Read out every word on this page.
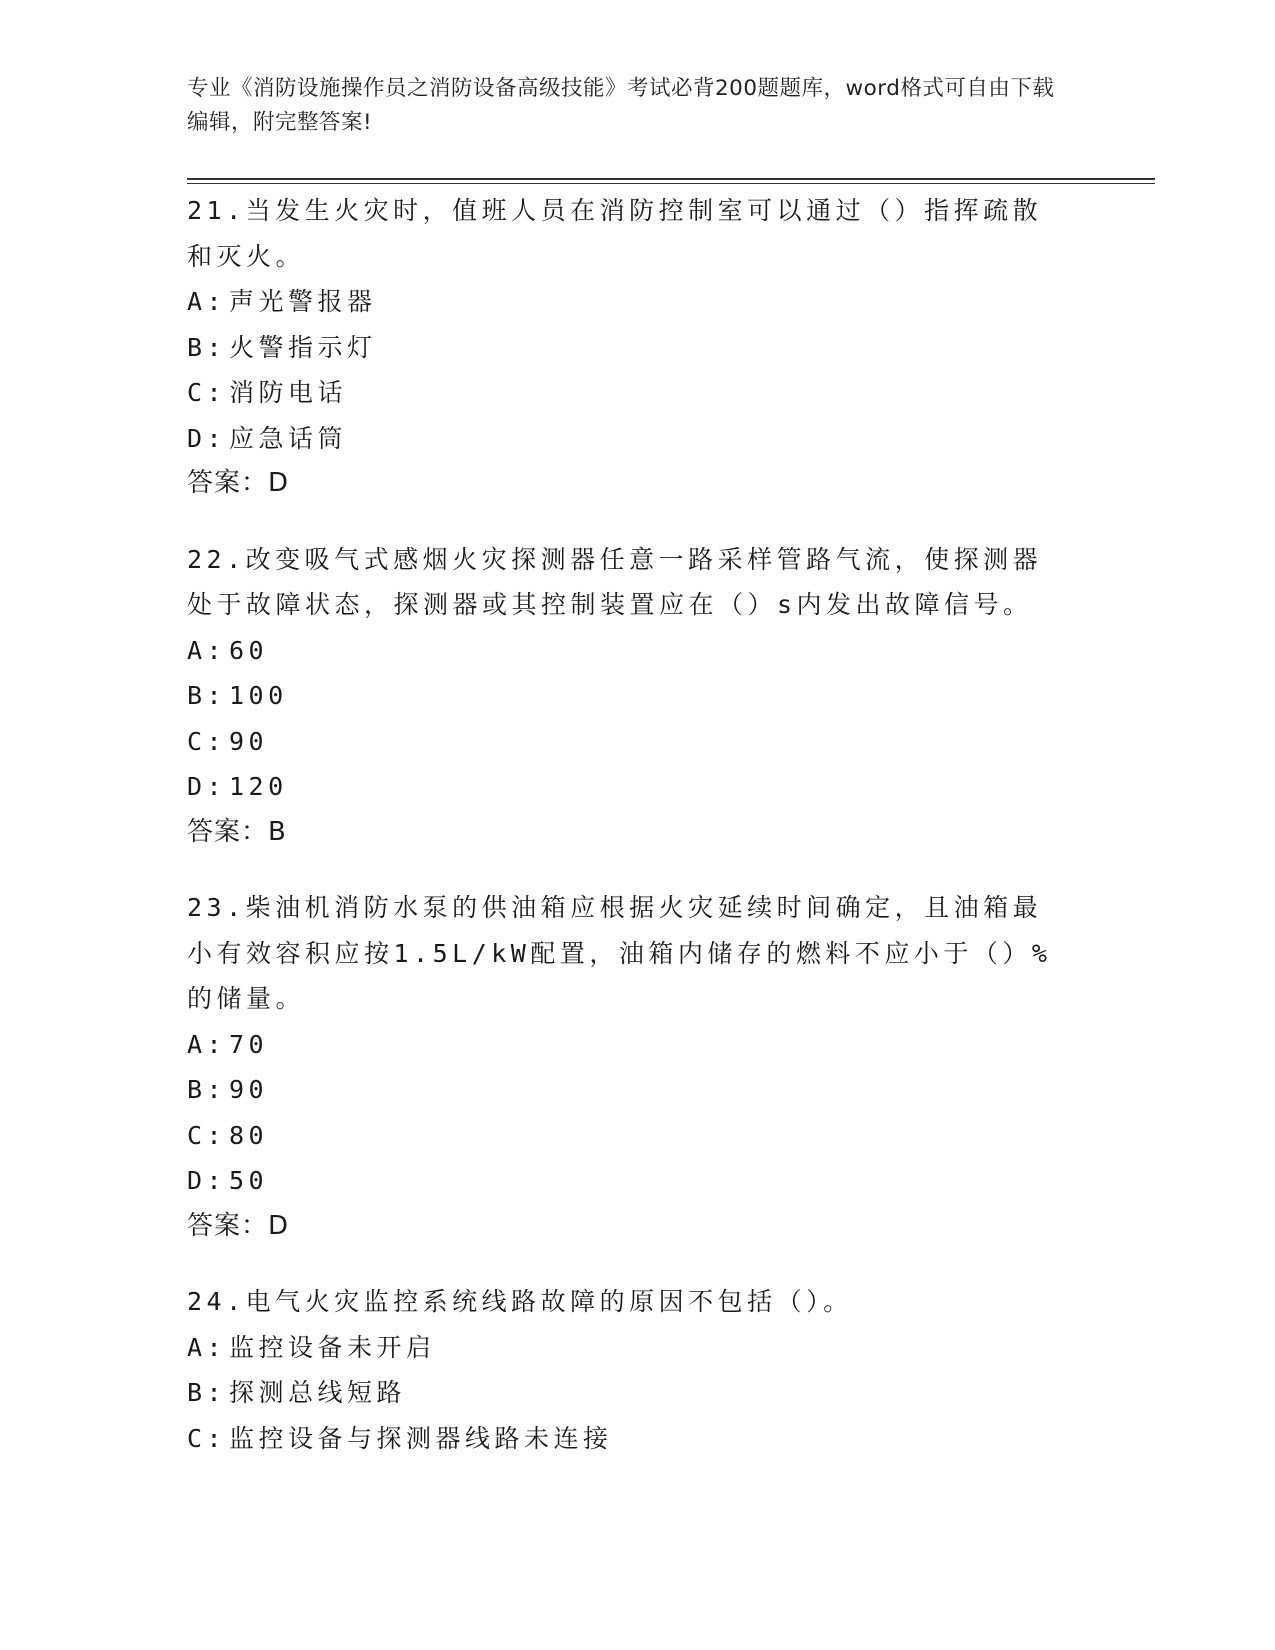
专业《消防设施操作员之消防设备高级技能》考试必背200题题库，word格式可自由下载编辑，附完整答案!

21.当发生火灾时，值班人员在消防控制室可以通过（）指挥疏散和灭火。

A: 声光警报器

B: 火警指示灯

C: 消防电话

D: 应急话筒

答案：D

22.改变吸气式感烟火灾探测器任意一路采样管路气流，使探测器处于故障状态，探测器或其控制装置应在（）s内发出故障信号。

A: 60

B: 100

C: 90

D: 120

答案：B

23.柴油机消防水泵的供油箱应根据火灾延续时间确定，且油箱最小有效容积应按1.5L/kW配置，油箱内储存的燃料不应小于（）%的储量。

A: 70

B: 90

C: 80

D: 50

答案：D

24.电气火灾监控系统线路故障的原因不包括（）。

A: 监控设备未开启

B: 探测总线短路

C: 监控设备与探测器线路未连接
